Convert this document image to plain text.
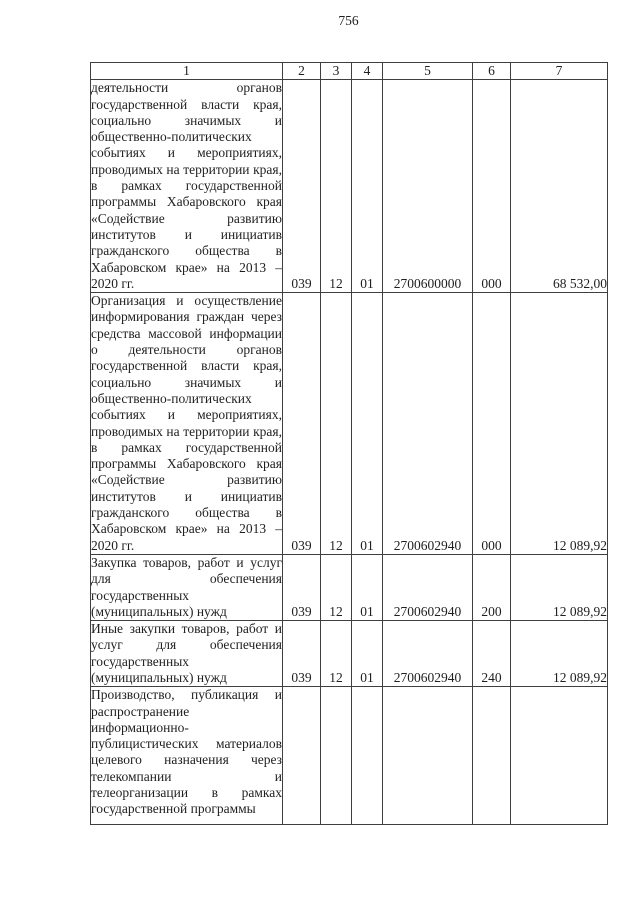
756
1	2	3	4	5	6	7
деятельности органов государственной власти края, социально значимых и общественно-политических событиях и мероприятиях, проводимых на территории края, в рамках государственной программы Хабаровского края «Содействие развитию институтов и инициатив гражданского общества в Хабаровском крае» на 2013 – 2020 гг.	039	12	01	2700600000	000	68 532,00
Организация и осуществление информирования граждан через средства массовой информации о деятельности органов государственной власти края, социально значимых и общественно-политических событиях и мероприятиях, проводимых на территории края, в рамках государственной программы Хабаровского края «Содействие развитию институтов и инициатив гражданского общества в Хабаровском крае» на 2013 – 2020 гг.	039	12	01	2700602940	000	12 089,92
Закупка товаров, работ и услуг для обеспечения государственных (муниципальных) нужд	039	12	01	2700602940	200	12 089,92
Иные закупки товаров, работ и услуг для обеспечения государственных (муниципальных) нужд	039	12	01	2700602940	240	12 089,92
Производство, публикация и распространение информационно-публицистических материалов целевого назначения через телекомпании и телеорганизации в рамках государственной программы						
